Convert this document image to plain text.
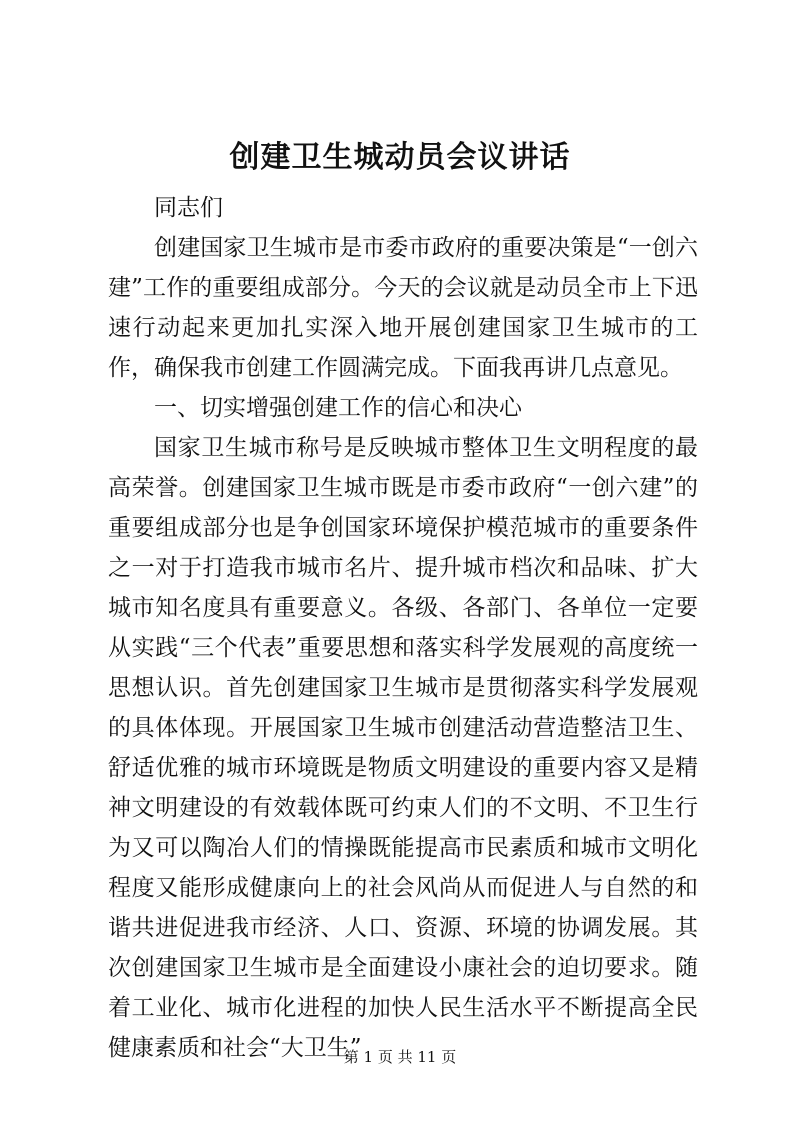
创建卫生城动员会议讲话

同志们

创建国家卫生城市是市委市政府的重要决策是“一创六建”工作的重要组成部分。今天的会议就是动员全市上下迅速行动起来更加扎实深入地开展创建国家卫生城市的工作，确保我市创建工作圆满完成。下面我再讲几点意见。

一、切实增强创建工作的信心和决心

国家卫生城市称号是反映城市整体卫生文明程度的最高荣誉。创建国家卫生城市既是市委市政府“一创六建”的重要组成部分也是争创国家环境保护模范城市的重要条件之一对于打造我市城市名片、提升城市档次和品味、扩大城市知名度具有重要意义。各级、各部门、各单位一定要从实践“三个代表”重要思想和落实科学发展观的高度统一思想认识。首先创建国家卫生城市是贯彻落实科学发展观的具体体现。开展国家卫生城市创建活动营造整洁卫生、舒适优雅的城市环境既是物质文明建设的重要内容又是精神文明建设的有效载体既可约束人们的不文明、不卫生行为又可以陶冶人们的情操既能提高市民素质和城市文明化程度又能形成健康向上的社会风尚从而促进人与自然的和谐共进促进我市经济、人口、资源、环境的协调发展。其次创建国家卫生城市是全面建设小康社会的迫切要求。随着工业化、城市化进程的加快人民生活水平不断提高全民健康素质和社会“大卫生”

第 1 页 共 11 页
